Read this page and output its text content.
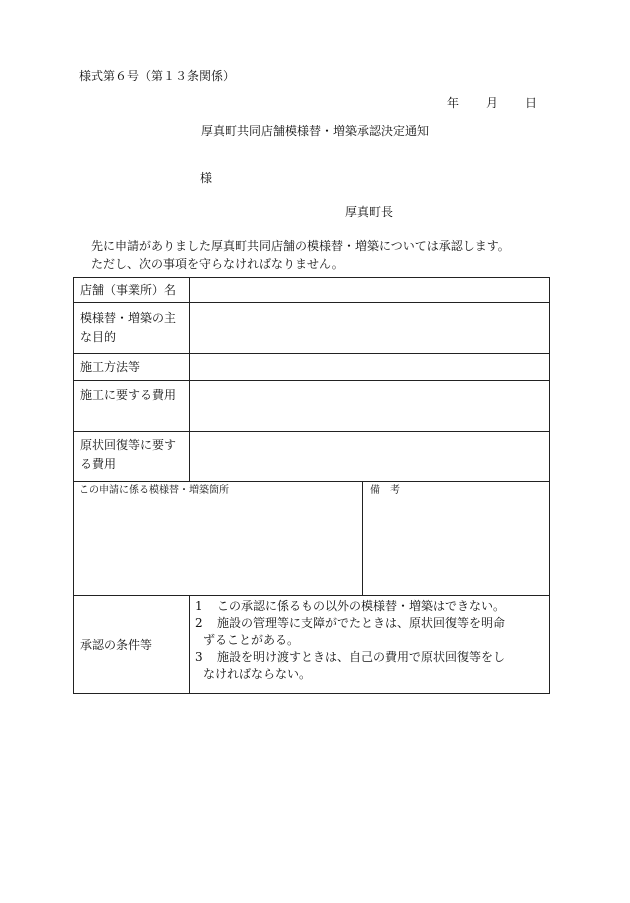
様式第６号（第１３条関係）
年 月 日
厚真町共同店舗模様替・増築承認決定通知
様
厚真町長
先に申請がありました厚真町共同店舗の模様替・増築については承認します。
ただし、次の事項を守らなければなりません。
店舗（事業所）名
模様替・増築の主な目的
施工方法等
施工に要する費用
原状回復等に要する費用
この申請に係る模様替・増築箇所	備　考
承認の条件等
1 この承認に係るもの以外の模様替・増築はできない。
2 施設の管理等に支障がでたときは、原状回復等を明命
ずることがある。
3 施設を明け渡すときは、自己の費用で原状回復等をし
なければならない。
